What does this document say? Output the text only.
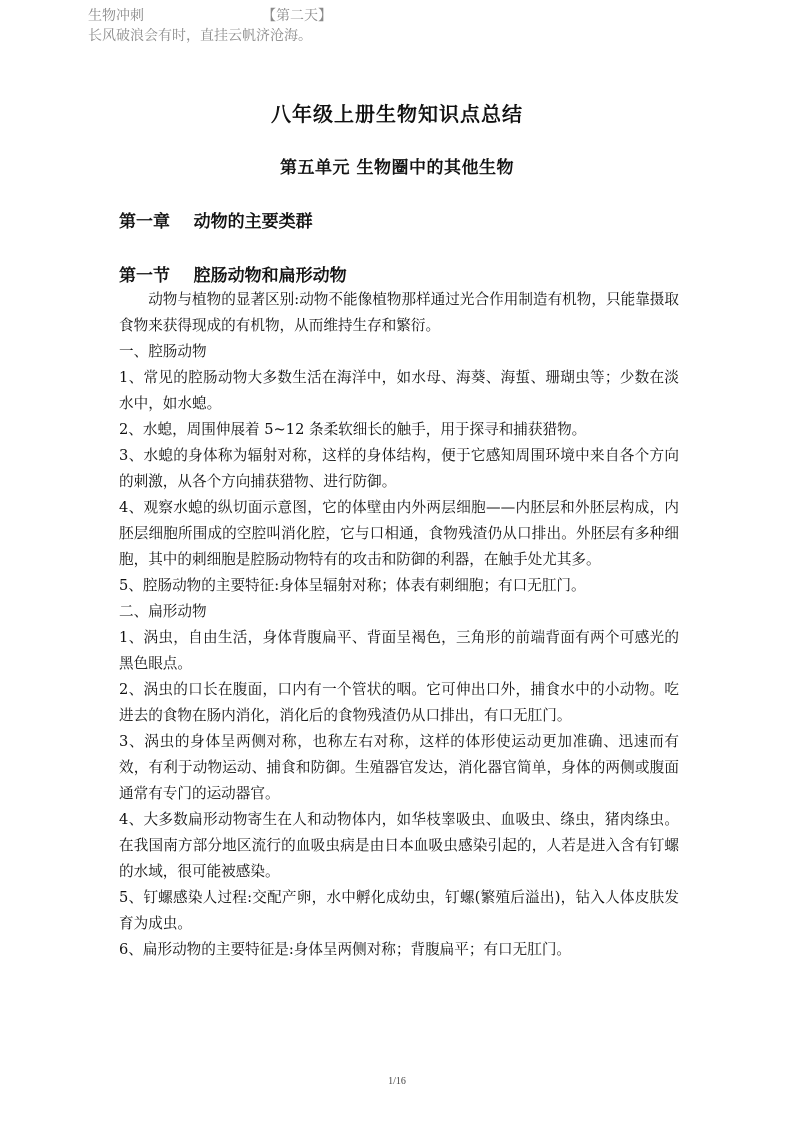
生物冲刺	【第二天】
长风破浪会有时，直挂云帆济沧海。
八年级上册生物知识点总结
第五单元 生物圈中的其他生物
第一章    动物的主要类群
第一节    腔肠动物和扁形动物

动物与植物的显著区别:动物不能像植物那样通过光合作用制造有机物，只能靠摄取食物来获得现成的有机物，从而维持生存和繁衍。

一、腔肠动物

1、常见的腔肠动物大多数生活在海洋中，如水母、海葵、海蜇、珊瑚虫等；少数在淡水中，如水螅。

2、水螅，周围伸展着 5~12 条柔软细长的触手，用于探寻和捕获猎物。

3、水螅的身体称为辐射对称，这样的身体结构，便于它感知周围环境中来自各个方向的刺激，从各个方向捕获猎物、进行防御。

4、观察水螅的纵切面示意图，它的体壁由内外两层细胞——内胚层和外胚层构成，内胚层细胞所围成的空腔叫消化腔，它与口相通，食物残渣仍从口排出。外胚层有多种细胞，其中的刺细胞是腔肠动物特有的攻击和防御的利器，在触手处尤其多。

5、腔肠动物的主要特征:身体呈辐射对称；体表有刺细胞；有口无肛门。

二、扁形动物

1、涡虫，自由生活，身体背腹扁平、背面呈褐色，三角形的前端背面有两个可感光的黑色眼点。

2、涡虫的口长在腹面，口内有一个管状的咽。它可伸出口外，捕食水中的小动物。吃进去的食物在肠内消化，消化后的食物残渣仍从口排出，有口无肛门。

3、涡虫的身体呈两侧对称，也称左右对称，这样的体形使运动更加准确、迅速而有效，有利于动物运动、捕食和防御。生殖器官发达，消化器官简单，身体的两侧或腹面通常有专门的运动器官。

4、大多数扁形动物寄生在人和动物体内，如华枝睾吸虫、血吸虫、绦虫，猪肉绦虫。在我国南方部分地区流行的血吸虫病是由日本血吸虫感染引起的，人若是进入含有钉螺的水域，很可能被感染。

5、钉螺感染人过程:交配产卵，水中孵化成幼虫，钉螺(繁殖后溢出)，钻入人体皮肤发育为成虫。

6、扁形动物的主要特征是:身体呈两侧对称；背腹扁平；有口无肛门。

1/16
